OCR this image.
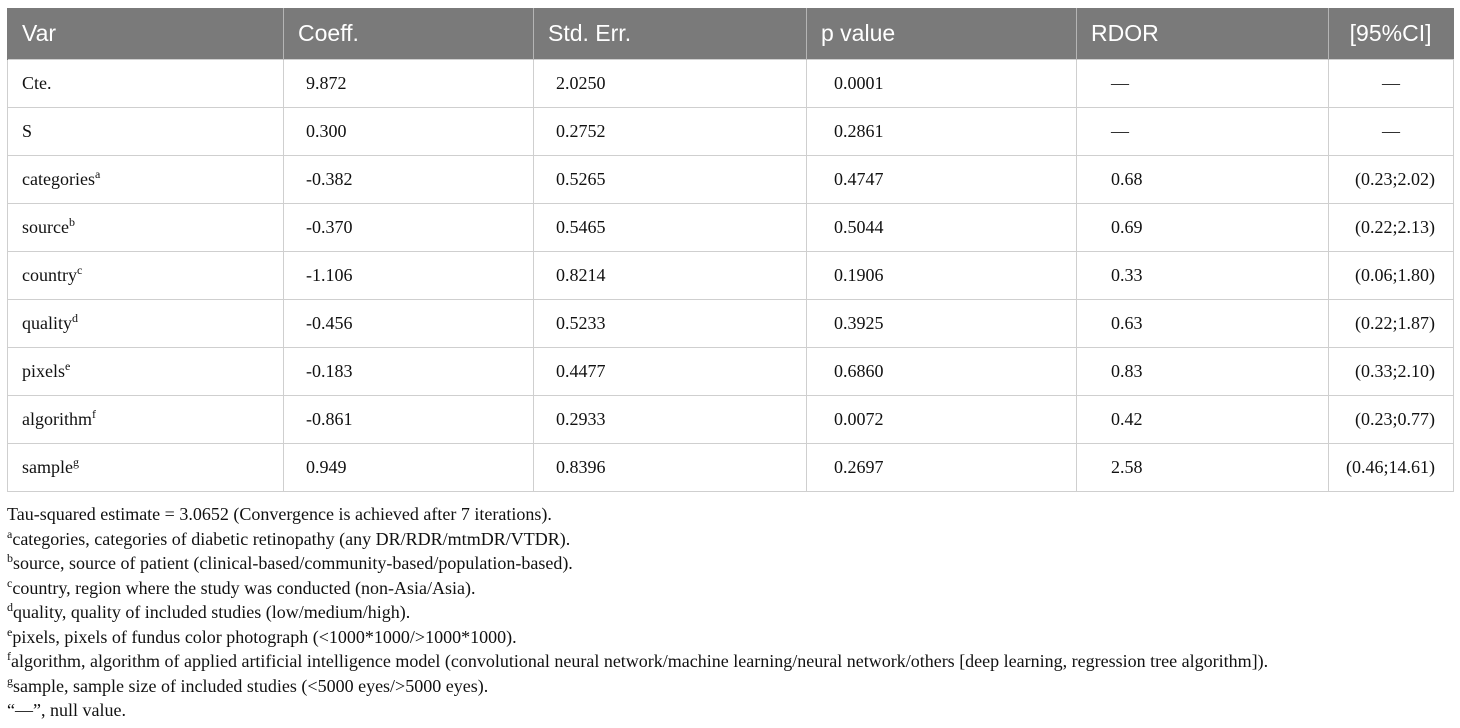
Var	Coeff.	Std. Err.	p value	RDOR	[95%CI]
Cte.	9.872	2.0250	0.0001	—	—
S	0.300	0.2752	0.2861	—	—
categories$^a$	-0.382	0.5265	0.4747	0.68	(0.23;2.02)
source$^b$	-0.370	0.5465	0.5044	0.69	(0.22;2.13)
country$^c$	-1.106	0.8214	0.1906	0.33	(0.06;1.80)
quality$^d$	-0.456	0.5233	0.3925	0.63	(0.22;1.87)
pixels$^e$	-0.183	0.4477	0.6860	0.83	(0.33;2.10)
algorithm$^f$	-0.861	0.2933	0.0072	0.42	(0.23;0.77)
sample$^g$	0.949	0.8396	0.2697	2.58	(0.46;14.61)
Tau-squared estimate = 3.0652 (Convergence is achieved after 7 iterations).
$^a$categories, categories of diabetic retinopathy (any DR/RDR/mtmDR/VTDR).
$^b$source, source of patient (clinical-based/community-based/population-based).
$^c$country, region where the study was conducted (non-Asia/Asia).
$^d$quality, quality of included studies (low/medium/high).
$^e$pixels, pixels of fundus color photograph (<1000*1000/>1000*1000).
$^f$algorithm, algorithm of applied artificial intelligence model (convolutional neural network/machine learning/neural network/others [deep learning, regression tree algorithm]).
$^g$sample, sample size of included studies (<5000 eyes/>5000 eyes).
“—”, null value.
